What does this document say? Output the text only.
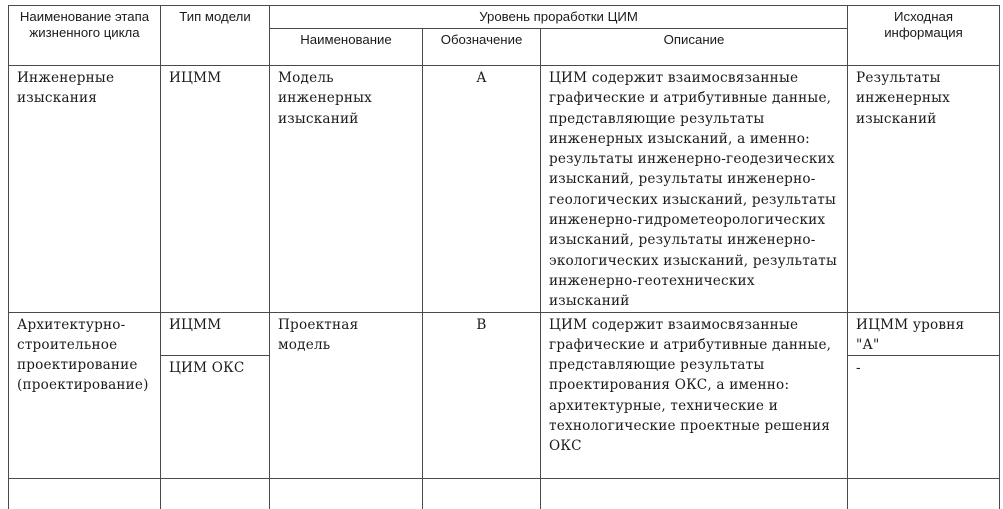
Наименование этапа жизненного цикла	Тип модели	Уровень проработки ЦИМ			Исходная информация
		Наименование	Обозначение	Описание	
Инженерные изыскания	ИЦММ	Модель инженерных изысканий	А	ЦИМ содержит взаимосвязанные графические и атрибутивные данные, представляющие результаты инженерных изысканий, а именно: результаты инженерно-геодезических изысканий, результаты инженерно-геологических изысканий, результаты инженерно-гидрометеорологических изысканий, результаты инженерно-экологических изысканий, результаты инженерно-геотехнических изысканий	Результаты инженерных изысканий
Архитектурно-строительное проектирование (проектирование)	ИЦММ	Проектная модель	В	ЦИМ содержит взаимосвязанные графические и атрибутивные данные, представляющие результаты проектирования ОКС, а именно: архитектурные, технические и технологические проектные решения ОКС	ИЦММ уровня "А"
	ЦИМ ОКС				-
